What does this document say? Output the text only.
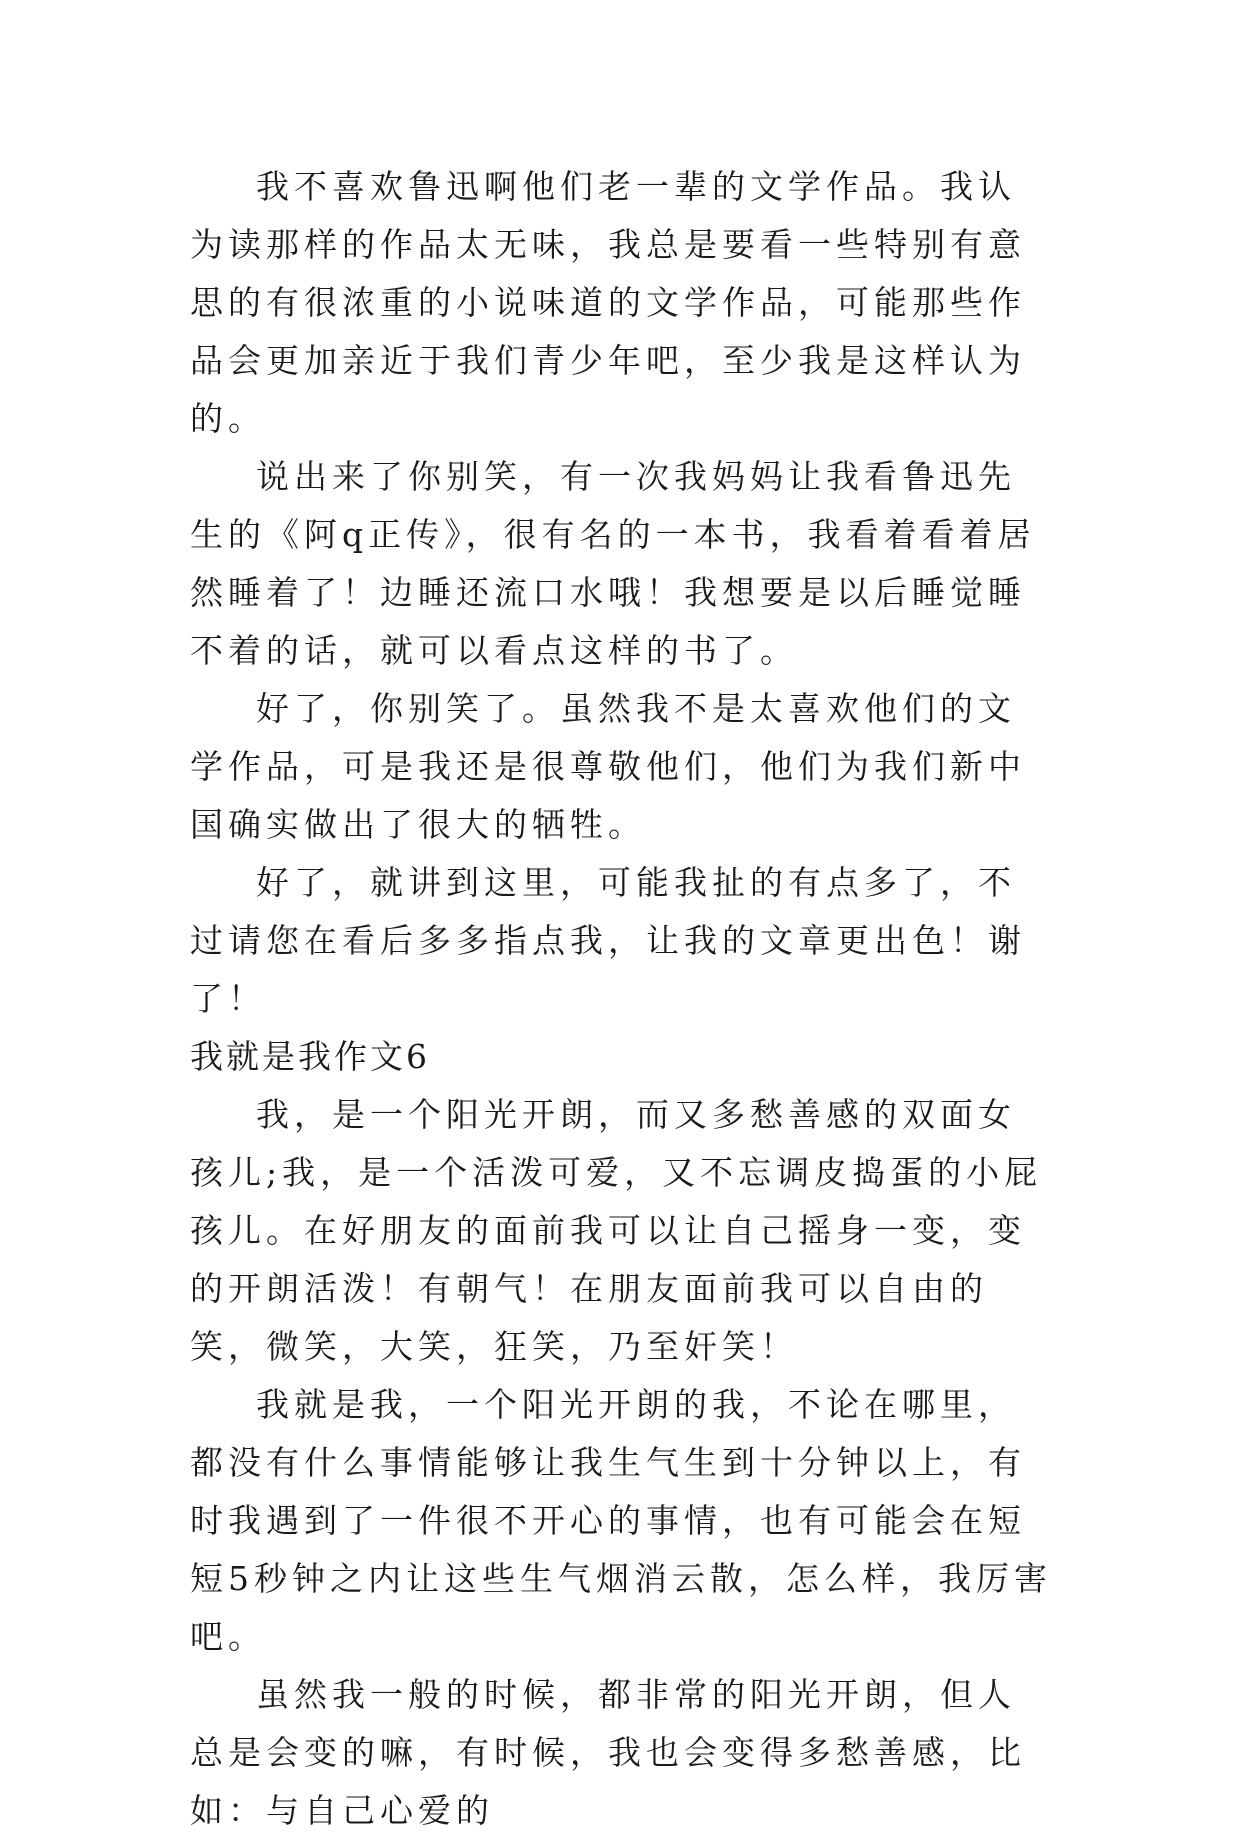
我不喜欢鲁迅啊他们老一辈的文学作品。我认为读那样的作品太无味，我总是要看一些特别有意思的有很浓重的小说味道的文学作品，可能那些作品会更加亲近于我们青少年吧，至少我是这样认为的。

说出来了你别笑，有一次我妈妈让我看鲁迅先生的《阿q正传》，很有名的一本书，我看着看着居然睡着了！边睡还流口水哦！我想要是以后睡觉睡不着的话，就可以看点这样的书了。

好了，你别笑了。虽然我不是太喜欢他们的文学作品，可是我还是很尊敬他们，他们为我们新中国确实做出了很大的牺牲。

好了，就讲到这里，可能我扯的有点多了，不过请您在看后多多指点我，让我的文章更出色！谢了！

我就是我作文6

我，是一个阳光开朗，而又多愁善感的双面女孩儿;我，是一个活泼可爱，又不忘调皮捣蛋的小屁孩儿。在好朋友的面前我可以让自己摇身一变，变的开朗活泼！有朝气！在朋友面前我可以自由的笑，微笑，大笑，狂笑，乃至奸笑！

我就是我，一个阳光开朗的我，不论在哪里，都没有什么事情能够让我生气生到十分钟以上，有时我遇到了一件很不开心的事情，也有可能会在短短5秒钟之内让这些生气烟消云散，怎么样，我厉害吧。

虽然我一般的时候，都非常的阳光开朗，但人总是会变的嘛，有时候，我也会变得多愁善感，比如：与自己心爱的
